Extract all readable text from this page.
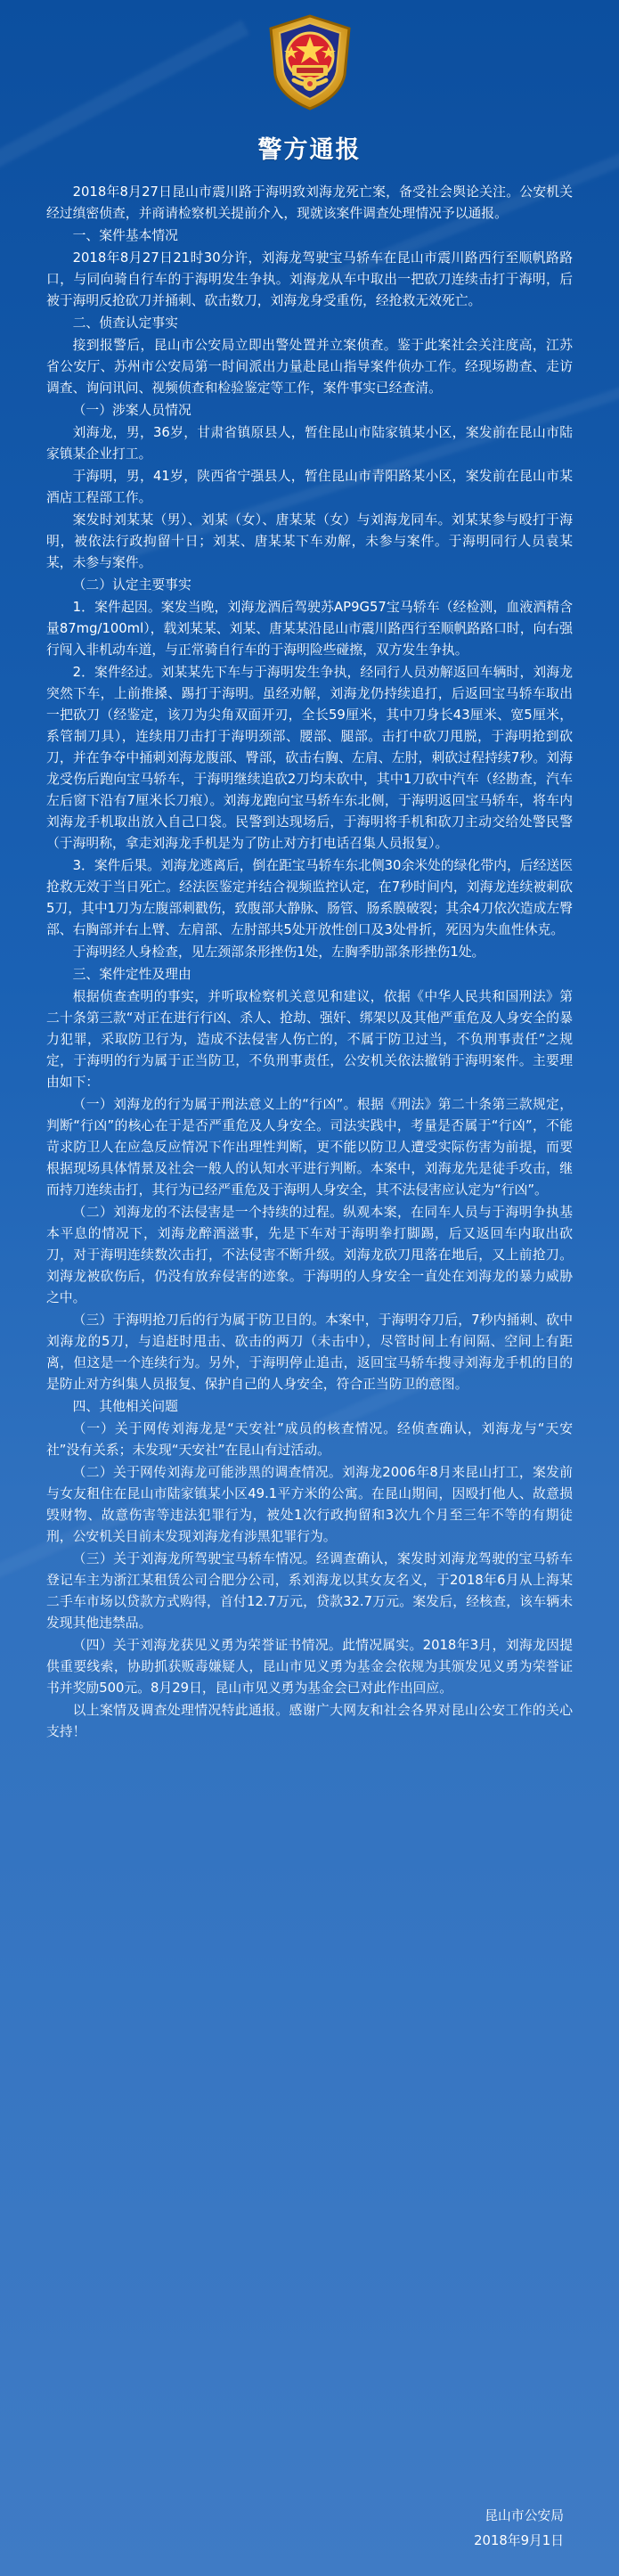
警方通报

2018年8月27日昆山市震川路于海明致刘海龙死亡案，备受社会舆论关注。公安机关经过缜密侦查，并商请检察机关提前介入，现就该案件调查处理情况予以通报。

一、案件基本情况

2018年8月27日21时30分许，刘海龙驾驶宝马轿车在昆山市震川路西行至顺帆路路口，与同向骑自行车的于海明发生争执。刘海龙从车中取出一把砍刀连续击打于海明，后被于海明反抢砍刀并捅刺、砍击数刀，刘海龙身受重伤，经抢救无效死亡。

二、侦查认定事实

接到报警后，昆山市公安局立即出警处置并立案侦查。鉴于此案社会关注度高，江苏省公安厅、苏州市公安局第一时间派出力量赴昆山指导案件侦办工作。经现场勘查、走访调查、询问讯问、视频侦查和检验鉴定等工作，案件事实已经查清。

（一）涉案人员情况

刘海龙，男，36岁，甘肃省镇原县人，暂住昆山市陆家镇某小区，案发前在昆山市陆家镇某企业打工。

于海明，男，41岁，陕西省宁强县人，暂住昆山市青阳路某小区，案发前在昆山市某酒店工程部工作。

案发时刘某某（男）、刘某（女）、唐某某（女）与刘海龙同车。刘某某参与殴打于海明，被依法行政拘留十日；刘某、唐某某下车劝解，未参与案件。于海明同行人员袁某某，未参与案件。

（二）认定主要事实

1．案件起因。案发当晚，刘海龙酒后驾驶苏AP9G57宝马轿车（经检测，血液酒精含量87mg/100ml），载刘某某、刘某、唐某某沿昆山市震川路西行至顺帆路路口时，向右强行闯入非机动车道，与正常骑自行车的于海明险些碰擦，双方发生争执。

2．案件经过。刘某某先下车与于海明发生争执，经同行人员劝解返回车辆时，刘海龙突然下车，上前推搡、踢打于海明。虽经劝解，刘海龙仍持续追打，后返回宝马轿车取出一把砍刀（经鉴定，该刀为尖角双面开刃，全长59厘米，其中刀身长43厘米、宽5厘米，系管制刀具），连续用刀击打于海明颈部、腰部、腿部。击打中砍刀甩脱，于海明抢到砍刀，并在争夺中捅刺刘海龙腹部、臀部，砍击右胸、左肩、左肘，刺砍过程持续7秒。刘海龙受伤后跑向宝马轿车，于海明继续追砍2刀均未砍中，其中1刀砍中汽车（经勘查，汽车左后窗下沿有7厘米长刀痕）。刘海龙跑向宝马轿车东北侧，于海明返回宝马轿车，将车内刘海龙手机取出放入自己口袋。民警到达现场后，于海明将手机和砍刀主动交给处警民警（于海明称，拿走刘海龙手机是为了防止对方打电话召集人员报复）。

3．案件后果。刘海龙逃离后，倒在距宝马轿车东北侧30余米处的绿化带内，后经送医抢救无效于当日死亡。经法医鉴定并结合视频监控认定，在7秒时间内，刘海龙连续被刺砍5刀，其中1刀为左腹部刺戳伤，致腹部大静脉、肠管、肠系膜破裂；其余4刀依次造成左臀部、右胸部并右上臂、左肩部、左肘部共5处开放性创口及3处骨折，死因为失血性休克。

于海明经人身检查，见左颈部条形挫伤1处，左胸季肋部条形挫伤1处。

三、案件定性及理由

根据侦查查明的事实，并听取检察机关意见和建议，依据《中华人民共和国刑法》第二十条第三款“对正在进行行凶、杀人、抢劫、强奸、绑架以及其他严重危及人身安全的暴力犯罪，采取防卫行为，造成不法侵害人伤亡的，不属于防卫过当，不负刑事责任”之规定，于海明的行为属于正当防卫，不负刑事责任，公安机关依法撤销于海明案件。主要理由如下：

（一）刘海龙的行为属于刑法意义上的“行凶”。根据《刑法》第二十条第三款规定，判断“行凶”的核心在于是否严重危及人身安全。司法实践中，考量是否属于“行凶”，不能苛求防卫人在应急反应情况下作出理性判断，更不能以防卫人遭受实际伤害为前提，而要根据现场具体情景及社会一般人的认知水平进行判断。本案中，刘海龙先是徒手攻击，继而持刀连续击打，其行为已经严重危及于海明人身安全，其不法侵害应认定为“行凶”。

（二）刘海龙的不法侵害是一个持续的过程。纵观本案，在同车人员与于海明争执基本平息的情况下，刘海龙醉酒滋事，先是下车对于海明拳打脚踢，后又返回车内取出砍刀，对于海明连续数次击打，不法侵害不断升级。刘海龙砍刀甩落在地后，又上前抢刀。刘海龙被砍伤后，仍没有放弃侵害的迹象。于海明的人身安全一直处在刘海龙的暴力威胁之中。

（三）于海明抢刀后的行为属于防卫目的。本案中，于海明夺刀后，7秒内捅刺、砍中刘海龙的5刀，与追赶时甩击、砍击的两刀（未击中），尽管时间上有间隔、空间上有距离，但这是一个连续行为。另外，于海明停止追击，返回宝马轿车搜寻刘海龙手机的目的是防止对方纠集人员报复、保护自己的人身安全，符合正当防卫的意图。

四、其他相关问题

（一）关于网传刘海龙是“天安社”成员的核查情况。经侦查确认，刘海龙与“天安社”没有关系；未发现“天安社”在昆山有过活动。

（二）关于网传刘海龙可能涉黑的调查情况。刘海龙2006年8月来昆山打工，案发前与女友租住在昆山市陆家镇某小区49.1平方米的公寓。在昆山期间，因殴打他人、故意损毁财物、故意伤害等违法犯罪行为，被处1次行政拘留和3次九个月至三年不等的有期徒刑，公安机关目前未发现刘海龙有涉黑犯罪行为。

（三）关于刘海龙所驾驶宝马轿车情况。经调查确认，案发时刘海龙驾驶的宝马轿车登记车主为浙江某租赁公司合肥分公司，系刘海龙以其女友名义，于2018年6月从上海某二手车市场以贷款方式购得，首付12.7万元，贷款32.7万元。案发后，经核查，该车辆未发现其他违禁品。

（四）关于刘海龙获见义勇为荣誉证书情况。此情况属实。2018年3月，刘海龙因提供重要线索，协助抓获贩毒嫌疑人，昆山市见义勇为基金会依规为其颁发见义勇为荣誉证书并奖励500元。8月29日，昆山市见义勇为基金会已对此作出回应。

以上案情及调查处理情况特此通报。感谢广大网友和社会各界对昆山公安工作的关心支持！

昆山市公安局
2018年9月1日
